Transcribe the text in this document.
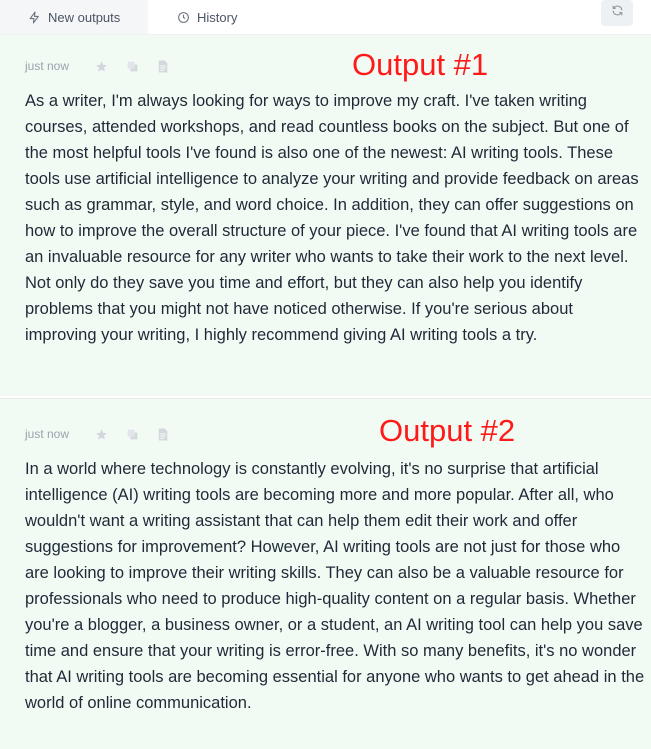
New outputs	History
just now	Output #1

As a writer, I'm always looking for ways to improve my craft. I've taken writing courses, attended workshops, and read countless books on the subject. But one of the most helpful tools I've found is also one of the newest: AI writing tools. These tools use artificial intelligence to analyze your writing and provide feedback on areas such as grammar, style, and word choice. In addition, they can offer suggestions on how to improve the overall structure of your piece. I've found that AI writing tools are an invaluable resource for any writer who wants to take their work to the next level. Not only do they save you time and effort, but they can also help you identify problems that you might not have noticed otherwise. If you're serious about improving your writing, I highly recommend giving AI writing tools a try.

just now	Output #2

In a world where technology is constantly evolving, it's no surprise that artificial intelligence (AI) writing tools are becoming more and more popular. After all, who wouldn't want a writing assistant that can help them edit their work and offer suggestions for improvement? However, AI writing tools are not just for those who are looking to improve their writing skills. They can also be a valuable resource for professionals who need to produce high-quality content on a regular basis. Whether you're a blogger, a business owner, or a student, an AI writing tool can help you save time and ensure that your writing is error-free. With so many benefits, it's no wonder that AI writing tools are becoming essential for anyone who wants to get ahead in the world of online communication.
